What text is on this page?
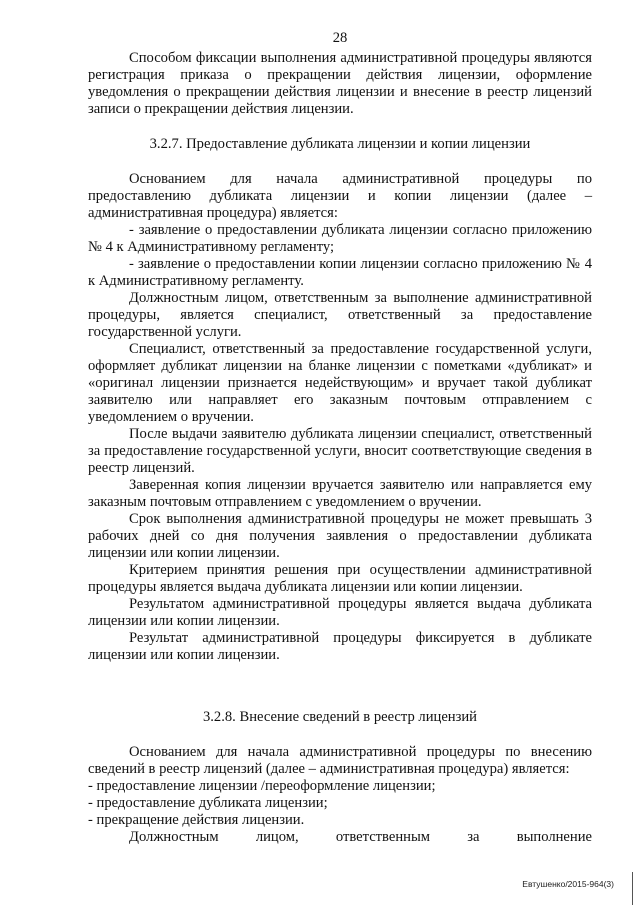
28

Способом фиксации выполнения административной процедуры являются регистрация приказа о прекращении действия лицензии, оформление уведомления о прекращении действия лицензии и внесение в реестр лицензий записи о прекращении действия лицензии.

3.2.7. Предоставление дубликата лицензии и копии лицензии

Основанием для начала административной процедуры по предоставлению дубликата лицензии и копии лицензии (далее – административная процедура) является:

- заявление о предоставлении дубликата лицензии согласно приложению № 4 к Административному регламенту;

- заявление о предоставлении копии лицензии согласно приложению № 4 к Административному регламенту.

Должностным лицом, ответственным за выполнение административной процедуры, является специалист, ответственный за предоставление государственной услуги.

Специалист, ответственный за предоставление государственной услуги, оформляет дубликат лицензии на бланке лицензии с пометками «дубликат» и «оригинал лицензии признается недействующим» и вручает такой дубликат заявителю или направляет его заказным почтовым отправлением с уведомлением о вручении.

После выдачи заявителю дубликата лицензии специалист, ответственный за предоставление государственной услуги, вносит соответствующие сведения в реестр лицензий.

Заверенная копия лицензии вручается заявителю или направляется ему заказным почтовым отправлением с уведомлением о вручении.

Срок выполнения административной процедуры не может превышать 3 рабочих дней со дня получения заявления о предоставлении дубликата лицензии или копии лицензии.

Критерием принятия решения при осуществлении административной процедуры является выдача дубликата лицензии или копии лицензии.

Результатом административной процедуры является выдача дубликата лицензии или копии лицензии.

Результат административной процедуры фиксируется в дубликате лицензии или копии лицензии.

3.2.8. Внесение сведений в реестр лицензий

Основанием для начала административной процедуры по внесению сведений в реестр лицензий (далее – административная процедура) является:

- предоставление лицензии /переоформление лицензии;

- предоставление дубликата лицензии;

- прекращение действия лицензии.

Должностным лицом, ответственным за выполнение

Евтушенко/2015-964(3)
